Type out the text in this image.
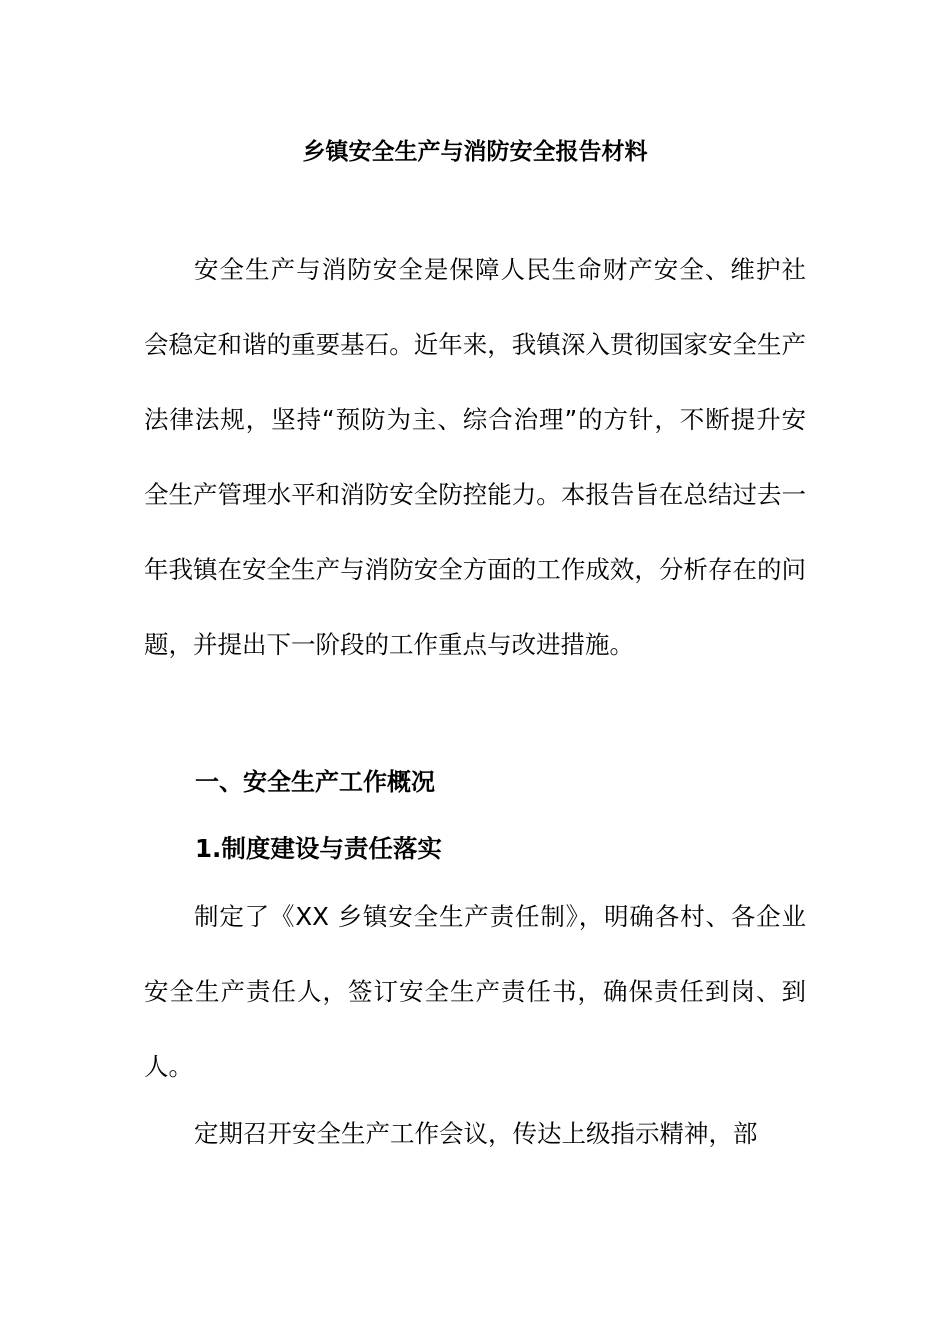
乡镇安全生产与消防安全报告材料

安全生产与消防安全是保障人民生命财产安全、维护社会稳定和谐的重要基石。近年来，我镇深入贯彻国家安全生产法律法规，坚持“预防为主、综合治理”的方针，不断提升安全生产管理水平和消防安全防控能力。本报告旨在总结过去一年我镇在安全生产与消防安全方面的工作成效，分析存在的问题，并提出下一阶段的工作重点与改进措施。

一、安全生产工作概况
1.制度建设与责任落实

制定了《XX 乡镇安全生产责任制》，明确各村、各企业安全生产责任人，签订安全生产责任书，确保责任到岗、到人。

定期召开安全生产工作会议，传达上级指示精神，部
